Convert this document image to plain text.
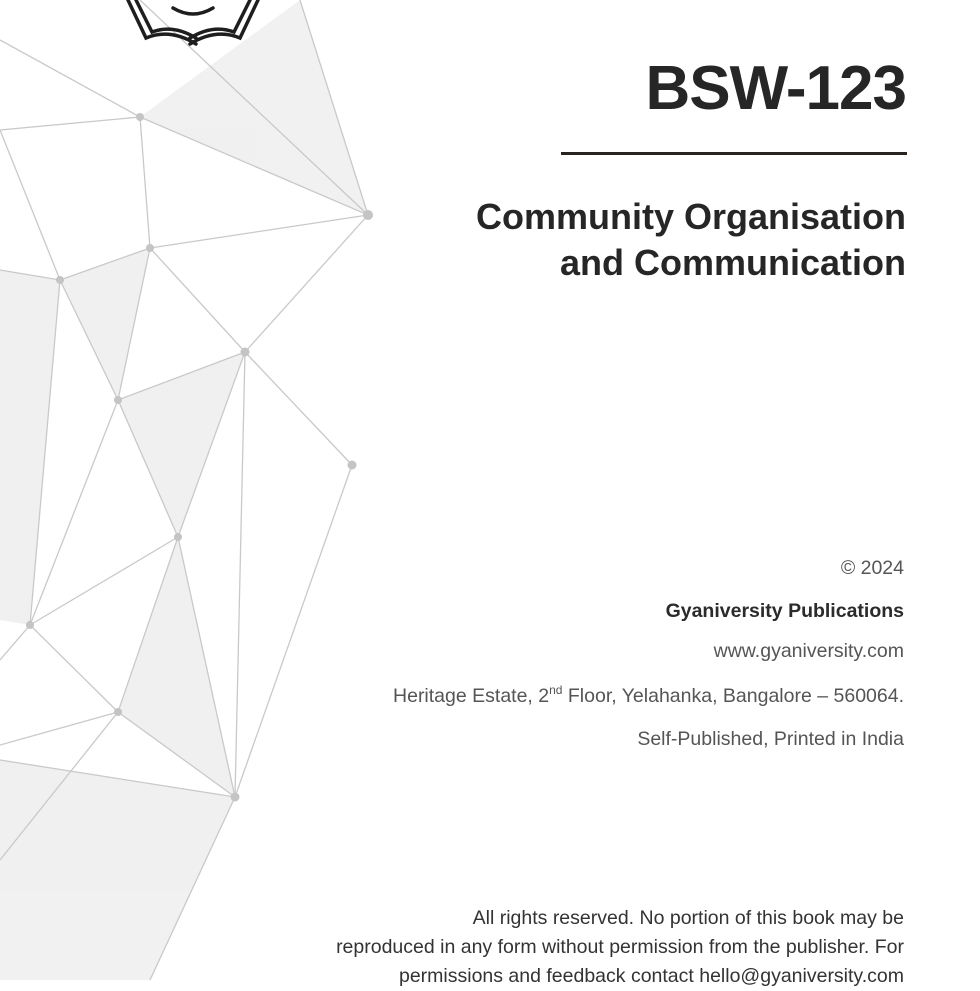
BSW-123
Community Organisation
and Communication
© 2024
Gyaniversity Publications
www.gyaniversity.com
Heritage Estate, 2nd Floor, Yelahanka, Bangalore – 560064.
Self-Published, Printed in India

All rights reserved. No portion of this book may be
reproduced in any form without permission from the publisher. For
permissions and feedback contact hello@gyaniversity.com
